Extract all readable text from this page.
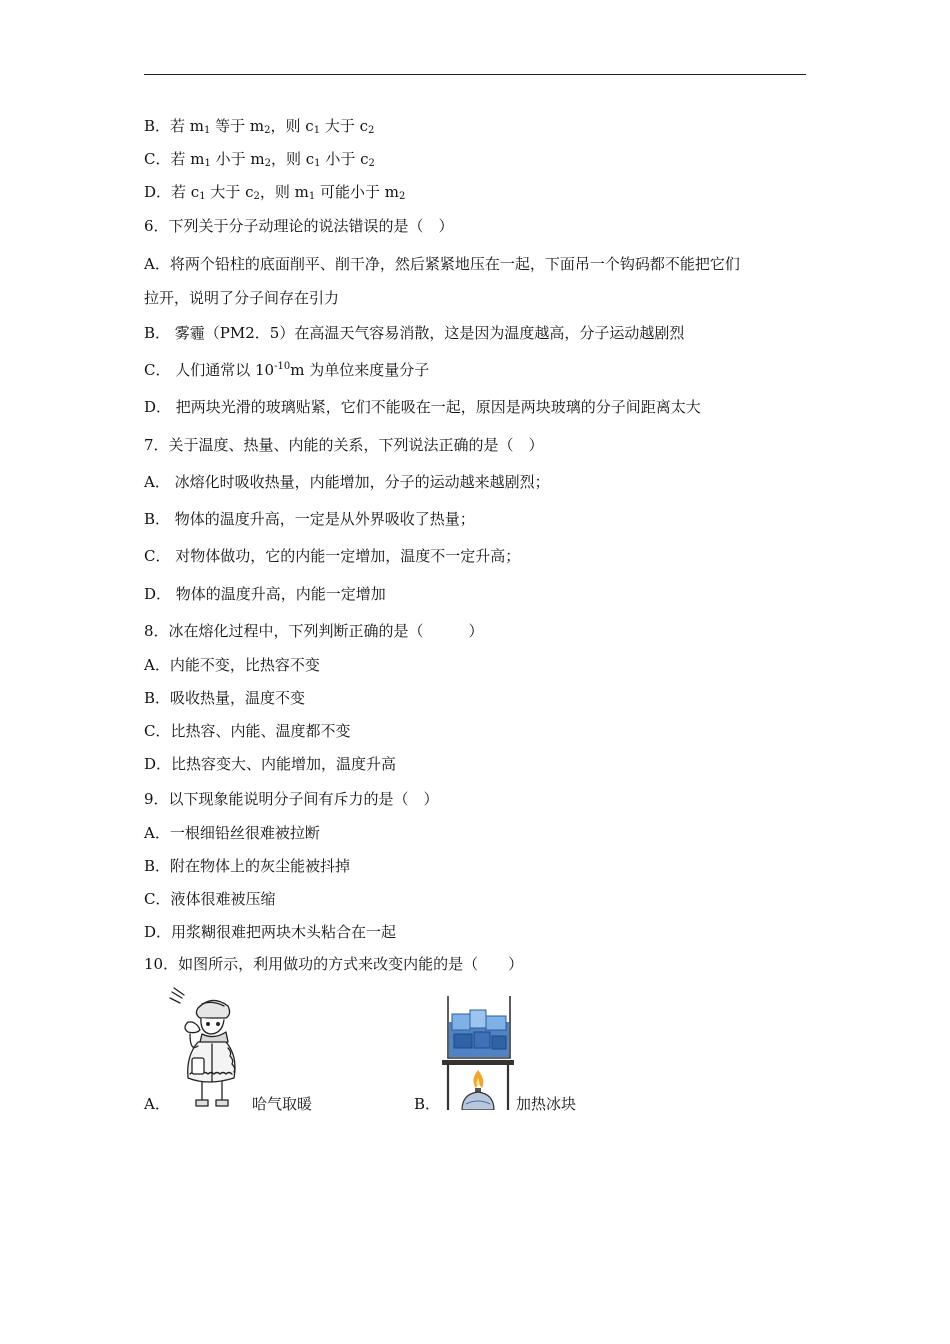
B．若 $m_1$ 等于 $m_2$，则 $c_1$ 大于 $c_2$
C．若 $m_1$ 小于 $m_2$，则 $c_1$ 小于 $c_2$
D．若 $c_1$ 大于 $c_2$，则 $m_1$ 可能小于 $m_2$
6．下列关于分子动理论的说法错误的是（　）
A．将两个铅柱的底面削平、削干净，然后紧紧地压在一起，下面吊一个钩码都不能把它们
拉开，说明了分子间存在引力
B． 雾霾（PM2．5）在高温天气容易消散，这是因为温度越高，分子运动越剧烈
C． 人们通常以 $10^{-10}m$ 为单位来度量分子
D． 把两块光滑的玻璃贴紧，它们不能吸在一起，原因是两块玻璃的分子间距离太大
7．关于温度、热量、内能的关系，下列说法正确的是（　）
A． 冰熔化时吸收热量，内能增加，分子的运动越来越剧烈；
B． 物体的温度升高，一定是从外界吸收了热量；
C． 对物体做功，它的内能一定增加，温度不一定升高；
D． 物体的温度升高，内能一定增加
8．冰在熔化过程中，下列判断正确的是（　　　）
A．内能不变，比热容不变
B．吸收热量，温度不变
C．比热容、内能、温度都不变
D．比热容变大、内能增加，温度升高
9．以下现象能说明分子间有斥力的是（　）
A．一根细铅丝很难被拉断
B．附在物体上的灰尘能被抖掉
C．液体很难被压缩
D．用浆糊很难把两块木头粘合在一起
10．如图所示，利用做功的方式来改变内能的是（　　）
A．	哈气取暖	B．	加热冰块
